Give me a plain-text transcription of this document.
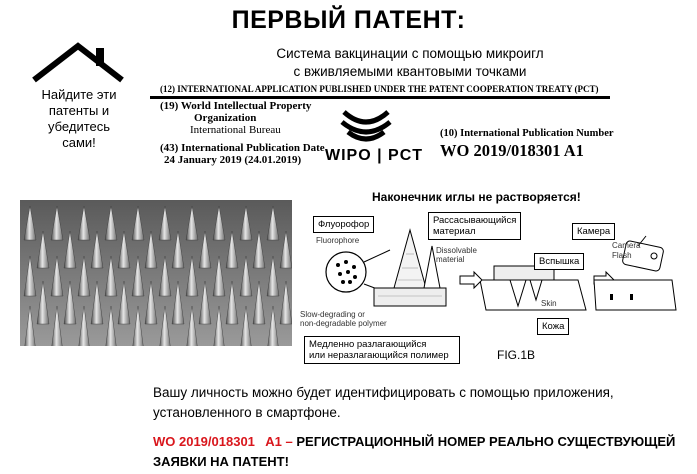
ПЕРВЫЙ ПАТЕНТ:
Система вакцинации с помощью микроигл
с вживляемыми квантовыми точками
Найдите эти
патенты и
убедитесь
сами!
(12) INTERNATIONAL APPLICATION PUBLISHED UNDER THE PATENT COOPERATION TREATY (PCT)
(19) World Intellectual Property
Organization
International Bureau
(43) International Publication Date
24 January 2019 (24.01.2019)	WIPO | PCT
(10) International Publication Number
WO 2019/018301 A1
Наконечник иглы не растворяется!
Флуорофор
Fluorophore
Рассасывающийся
материал
Dissolvable
material
Камера
Camera
Flash
Вспышка
Skin
Кожа
Slow-degrading or
non-degradable polymer
Медленно разлагающийся
или неразлагающийся полимер	FIG.1B
Вашу личность можно будет идентифицировать с помощью приложения,
установленного в смартфоне.
WO 2019/018301   A1 – РЕГИСТРАЦИОННЫЙ НОМЕР РЕАЛЬНО СУЩЕСТВУЮЩЕЙ
ЗАЯВКИ НА ПАТЕНТ!
